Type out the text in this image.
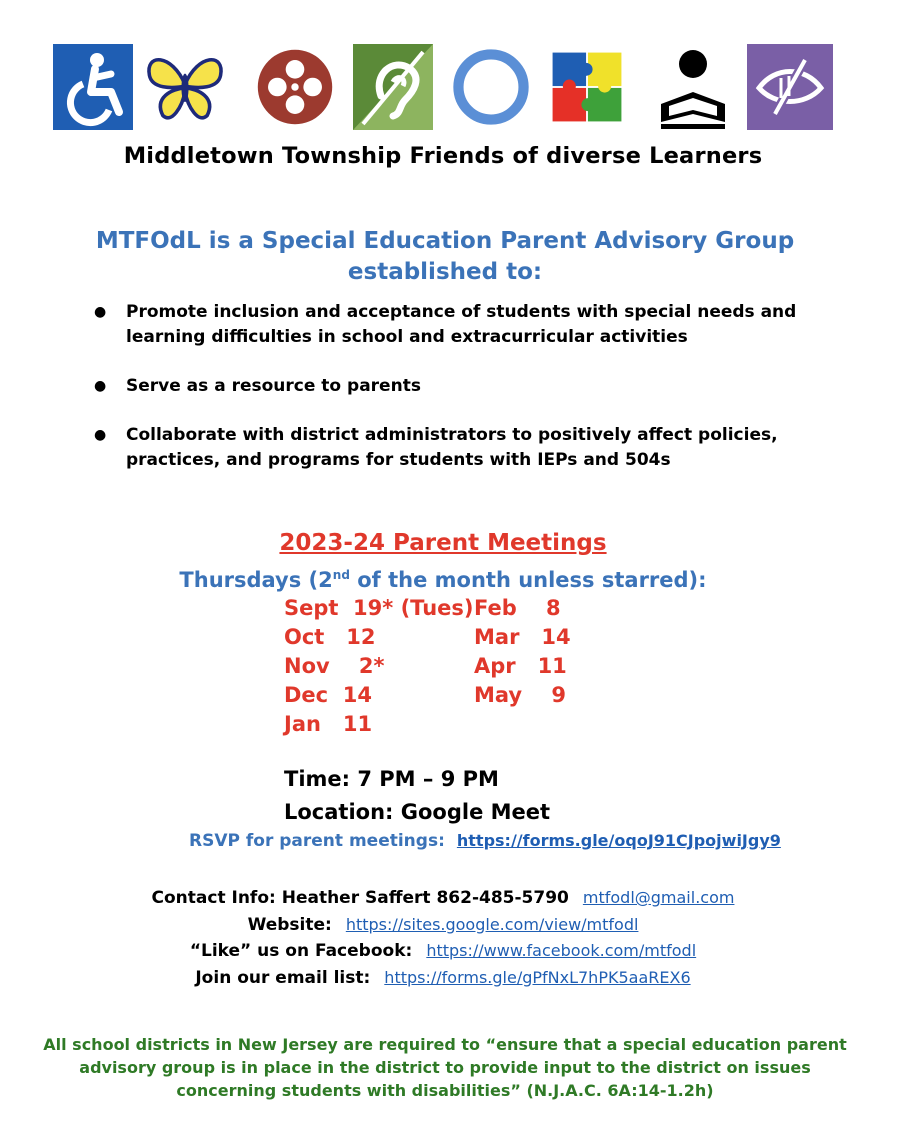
Middletown Township Friends of diverse Learners
MTFOdL is a Special Education Parent Advisory Group established to:
● Promote inclusion and acceptance of students with special needs and learning difficulties in school and extracurricular activities
● Serve as a resource to parents
● Collaborate with district administrators to positively affect policies, practices, and programs for students with IEPs and 504s
2023-24 Parent Meetings
Thursdays (2nd of the month unless starred):
Sept  19* (Tues) Feb    8
Oct   12	Mar   14
Nov    2*	Apr   11
Dec  14	May    9
Jan   11
Time: 7 PM – 9 PM
Location: Google Meet
RSVP for parent meetings: https://forms.gle/oqoJ91CJpojwiJgy9
Contact Info: Heather Saffert 862-485-5790 mtfodl@gmail.com
Website: https://sites.google.com/view/mtfodl
“Like” us on Facebook: https://www.facebook.com/mtfodl
Join our email list: https://forms.gle/gPfNxL7hPK5aaREX6
All school districts in New Jersey are required to “ensure that a special education parent advisory group is in place in the district to provide input to the district on issues concerning students with disabilities” (N.J.A.C. 6A:14-1.2h)
